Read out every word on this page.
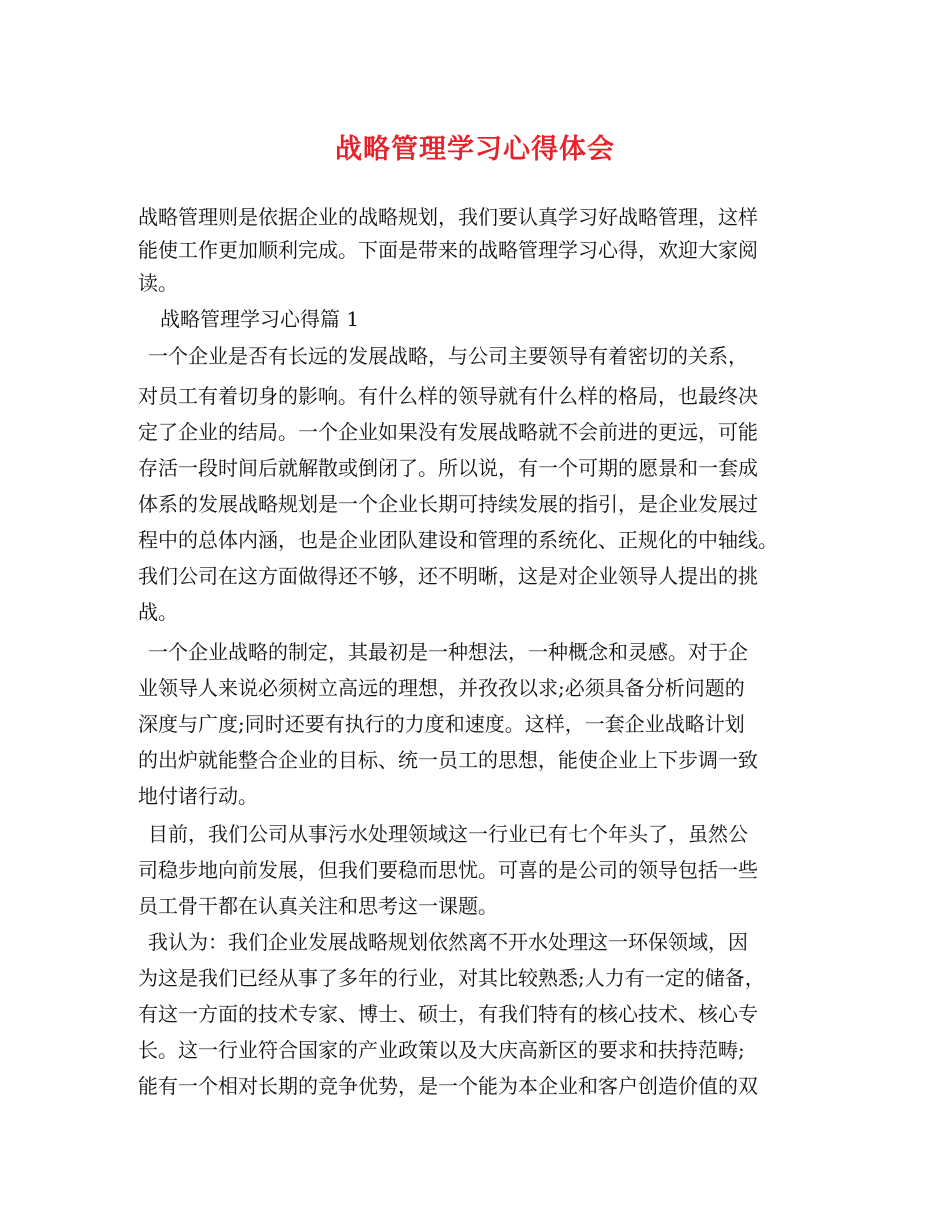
战略管理学习心得体会
战略管理则是依据企业的战略规划，我们要认真学习好战略管理，这样
能使工作更加顺利完成。下面是带来的战略管理学习心得，欢迎大家阅
读。
战略管理学习心得篇 1
一个企业是否有长远的发展战略，与公司主要领导有着密切的关系，
对员工有着切身的影响。有什么样的领导就有什么样的格局，也最终决
定了企业的结局。一个企业如果没有发展战略就不会前进的更远，可能
存活一段时间后就解散或倒闭了。所以说，有一个可期的愿景和一套成
体系的发展战略规划是一个企业长期可持续发展的指引，是企业发展过
程中的总体内涵，也是企业团队建设和管理的系统化、正规化的中轴线。
我们公司在这方面做得还不够，还不明晰，这是对企业领导人提出的挑
战。
一个企业战略的制定，其最初是一种想法，一种概念和灵感。对于企
业领导人来说必须树立高远的理想，并孜孜以求;必须具备分析问题的
深度与广度;同时还要有执行的力度和速度。这样，一套企业战略计划
的出炉就能整合企业的目标、统一员工的思想，能使企业上下步调一致
地付诸行动。
目前，我们公司从事污水处理领域这一行业已有七个年头了，虽然公
司稳步地向前发展，但我们要稳而思忧。可喜的是公司的领导包括一些
员工骨干都在认真关注和思考这一课题。
我认为：我们企业发展战略规划依然离不开水处理这一环保领域，因
为这是我们已经从事了多年的行业，对其比较熟悉;人力有一定的储备，
有这一方面的技术专家、博士、硕士，有我们特有的核心技术、核心专
长。这一行业符合国家的产业政策以及大庆高新区的要求和扶持范畴;
能有一个相对长期的竞争优势，是一个能为本企业和客户创造价值的双
